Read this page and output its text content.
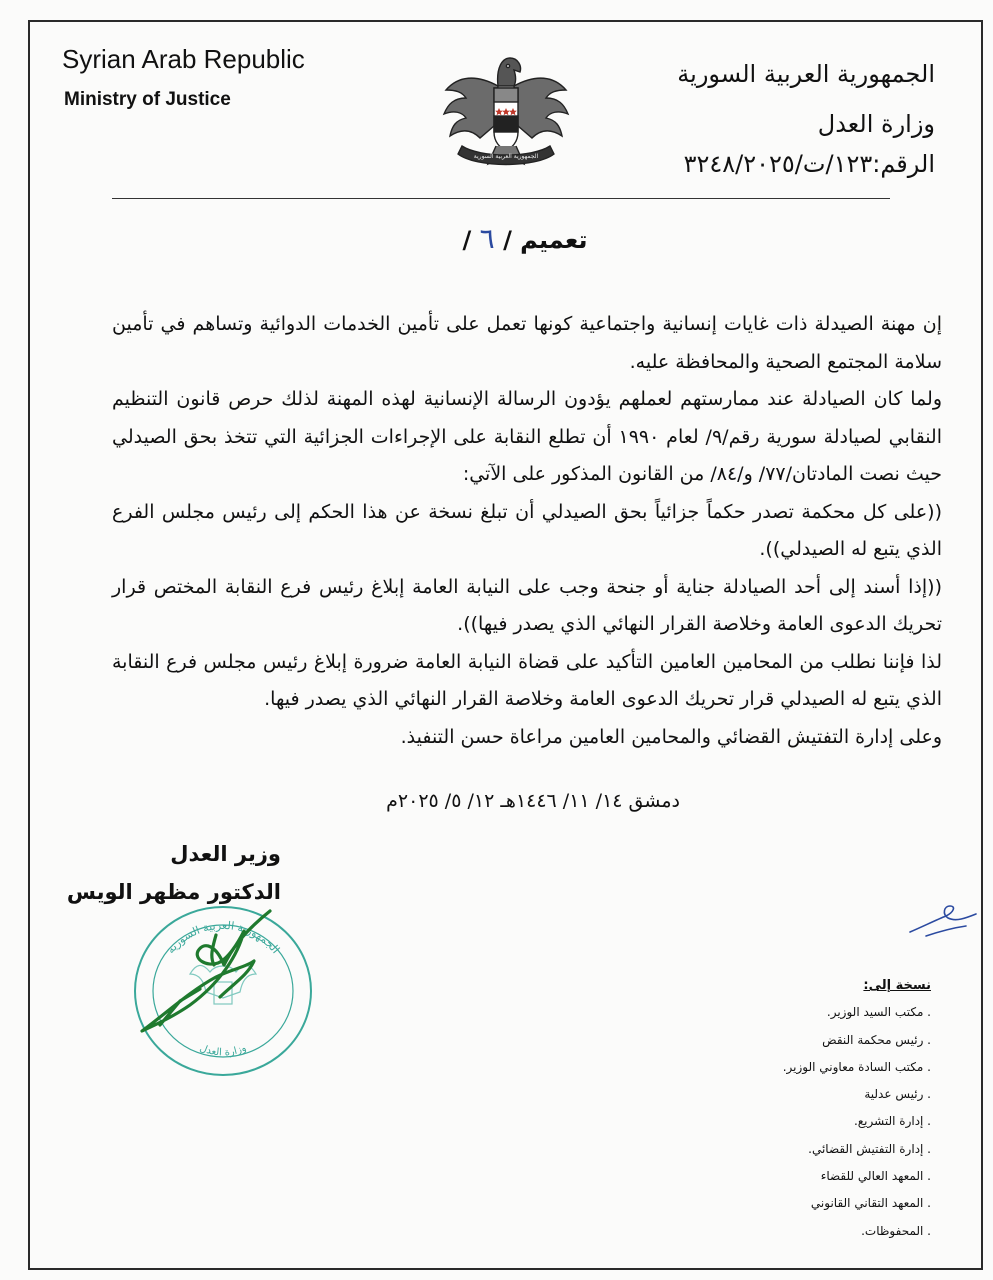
Syrian Arab Republic
Ministry of Justice
الجمهورية العربية السورية
الجمهورية العربية السورية
وزارة العدل
الرقم:١٢٣/ت/٣٢٤٨/٢٠٢٥
تعميم / ٦ /

إن مهنة الصيدلة ذات غايات إنسانية واجتماعية كونها تعمل على تأمين الخدمات الدوائية وتساهم في تأمين سلامة المجتمع الصحية والمحافظة عليه.

ولما كان الصيادلة عند ممارستهم لعملهم يؤدون الرسالة الإنسانية لهذه المهنة لذلك حرص قانون التنظيم النقابي لصيادلة سورية رقم/٩/ لعام ١٩٩٠ أن تطلع النقابة على الإجراءات الجزائية التي تتخذ بحق الصيدلي حيث نصت المادتان/٧٧/ و/٨٤/ من القانون المذكور على الآتي:

((على كل محكمة تصدر حكماً جزائياً بحق الصيدلي أن تبلغ نسخة عن هذا الحكم إلى رئيس مجلس الفرع الذي يتبع له الصيدلي)).

((إذا أسند إلى أحد الصيادلة جناية أو جنحة وجب على النيابة العامة إبلاغ رئيس فرع النقابة المختص قرار تحريك الدعوى العامة وخلاصة القرار النهائي الذي يصدر فيها)).

لذا فإننا نطلب من المحامين العامين التأكيد على قضاة النيابة العامة ضرورة إبلاغ رئيس مجلس فرع النقابة الذي يتبع له الصيدلي قرار تحريك الدعوى العامة وخلاصة القرار النهائي الذي يصدر فيها.

وعلى إدارة التفتيش القضائي والمحامين العامين مراعاة حسن التنفيذ.

دمشق ١٤/ ١١/ ١٤٤٦هـ ١٢/ ٥/ ٢٠٢٥م
وزير العدل
الدكتور مظهر الويس
الجمهورية العربية السورية
وزارة العدل
نسخة إلى:
. مكتب السيد الوزير.
. رئيس محكمة النقض
. مكتب السادة معاوني الوزير.
. رئيس عدلية
. إدارة التشريع.
. إدارة التفتيش القضائي.
. المعهد العالي للقضاء
. المعهد التقاني القانوني
. المحفوظات.
